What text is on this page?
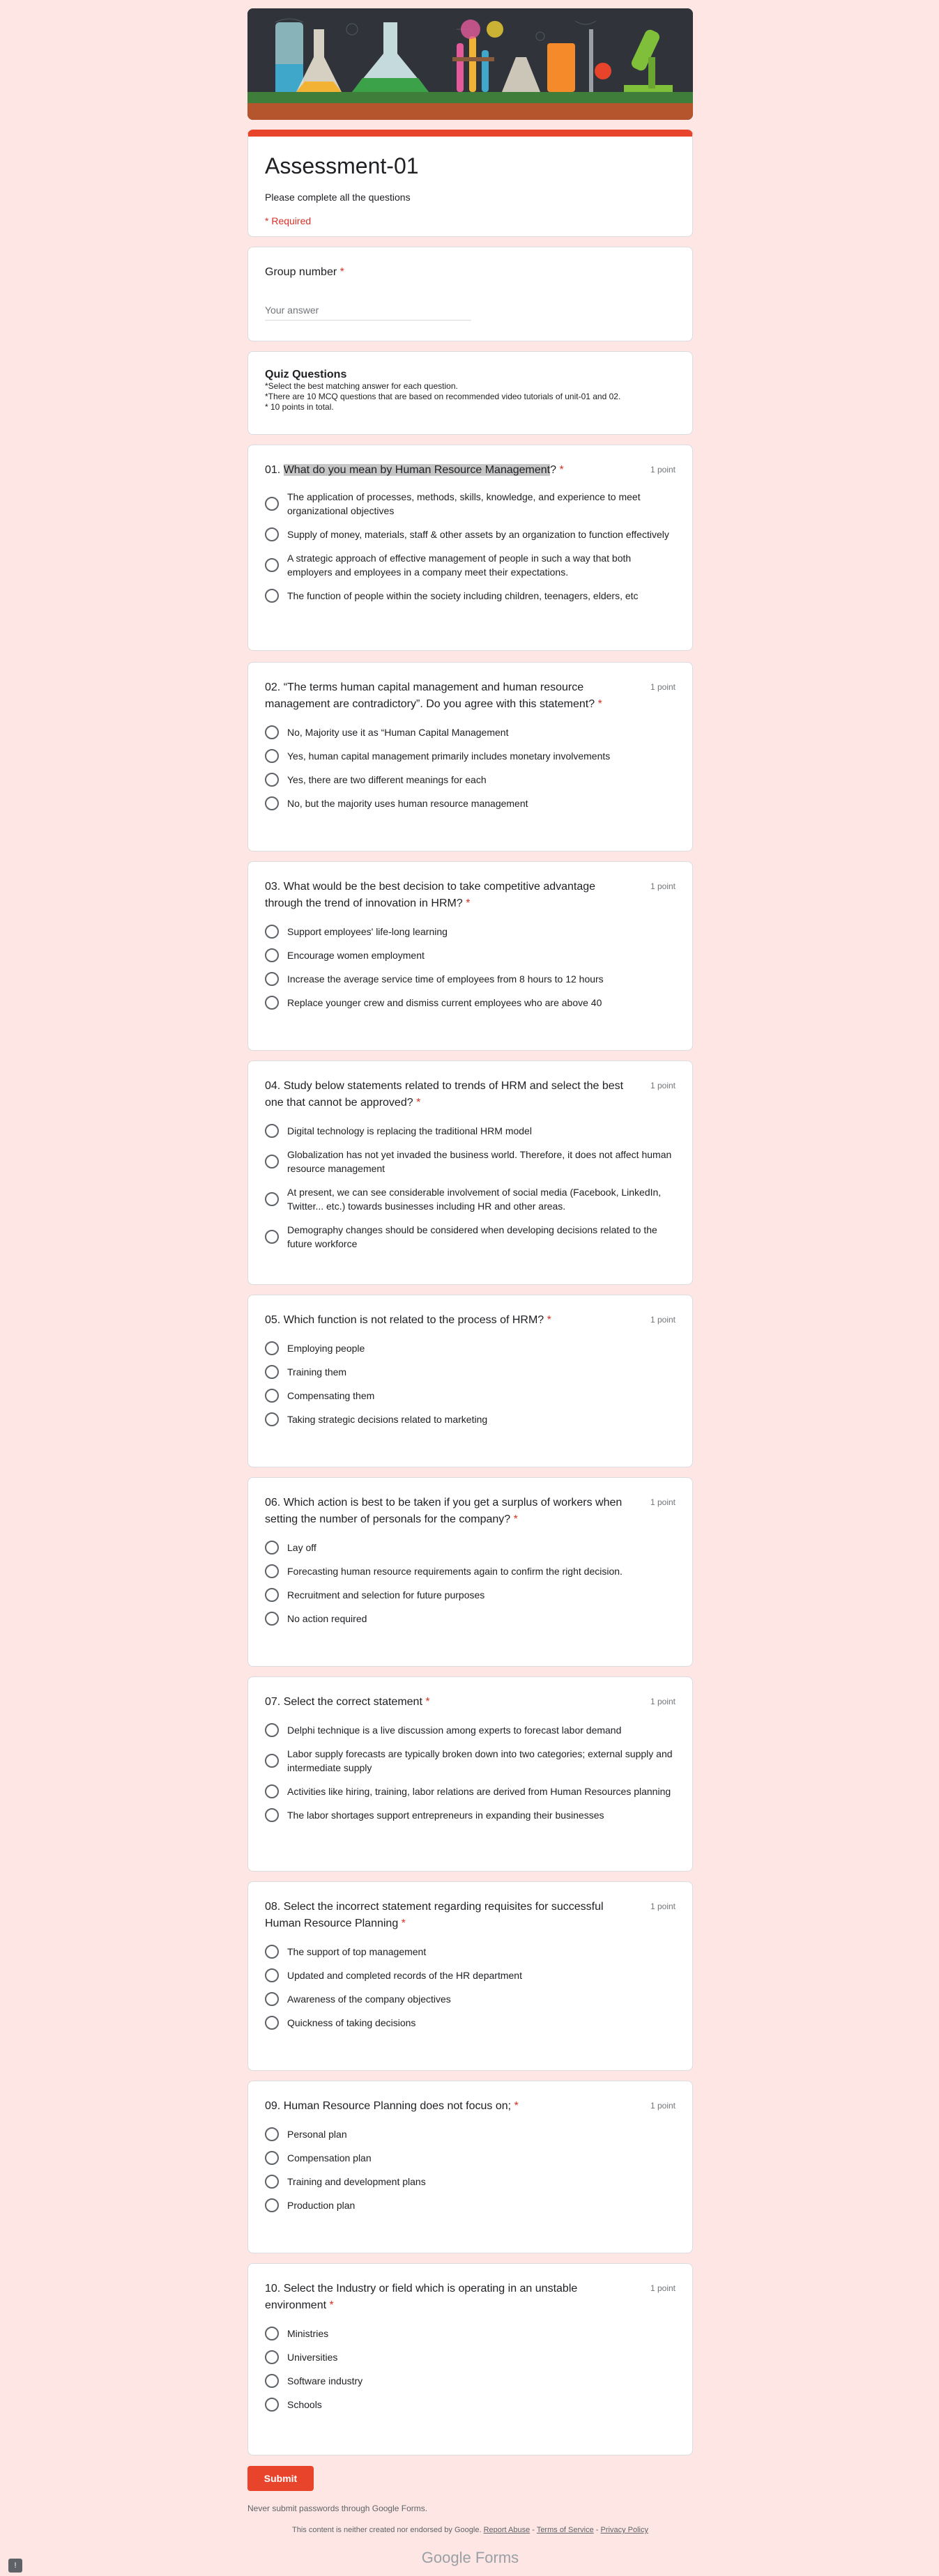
Assessment-01
Please complete all the questions
* Required
Group number *
Your answer
Quiz Questions
*Select the best matching answer for each question.
*There are 10 MCQ questions that are based on recommended video tutorials of unit-01 and 02.
* 10 points in total.
01. What do you mean by Human Resource Management? *	1 point
The application of processes, methods, skills, knowledge, and experience to meet organizational objectives
Supply of money, materials, staff & other assets by an organization to function effectively
A strategic approach of effective management of people in such a way that both employers and employees in a company meet their expectations.
The function of people within the society including children, teenagers, elders, etc
02. “The terms human capital management and human resource management are contradictory”. Do you agree with this statement? *
1 point
No, Majority use it as “Human Capital Management
Yes, human capital management primarily includes monetary involvements
Yes, there are two different meanings for each
No, but the majority uses human resource management
03. What would be the best decision to take competitive advantage through the trend of innovation in HRM? *
1 point
Support employees' life-long learning
Encourage women employment
Increase the average service time of employees from 8 hours to 12 hours
Replace younger crew and dismiss current employees who are above 40
04. Study below statements related to trends of HRM and select the best one that cannot be approved? *
1 point
Digital technology is replacing the traditional HRM model
Globalization has not yet invaded the business world. Therefore, it does not affect human resource management
At present, we can see considerable involvement of social media (Facebook, LinkedIn, Twitter... etc.) towards businesses including HR and other areas.
Demography changes should be considered when developing decisions related to the future workforce
05. Which function is not related to the process of HRM? *	1 point
Employing people
Training them
Compensating them
Taking strategic decisions related to marketing
06. Which action is best to be taken if you get a surplus of workers when setting the number of personals for the company? *
1 point
Lay off
Forecasting human resource requirements again to confirm the right decision.
Recruitment and selection for future purposes
No action required
07. Select the correct statement *	1 point
Delphi technique is a live discussion among experts to forecast labor demand
Labor supply forecasts are typically broken down into two categories; external supply and intermediate supply
Activities like hiring, training, labor relations are derived from Human Resources planning
The labor shortages support entrepreneurs in expanding their businesses
08. Select the incorrect statement regarding requisites for successful Human Resource Planning *
1 point
The support of top management
Updated and completed records of the HR department
Awareness of the company objectives
Quickness of taking decisions
09. Human Resource Planning does not focus on; *	1 point
Personal plan
Compensation plan
Training and development plans
Production plan
10. Select the Industry or field which is operating in an unstable environment *
1 point
Ministries
Universities
Software industry
Schools
Submit
Never submit passwords through Google Forms.
This content is neither created nor endorsed by Google. Report Abuse - Terms of Service - Privacy Policy
Google Forms
!
